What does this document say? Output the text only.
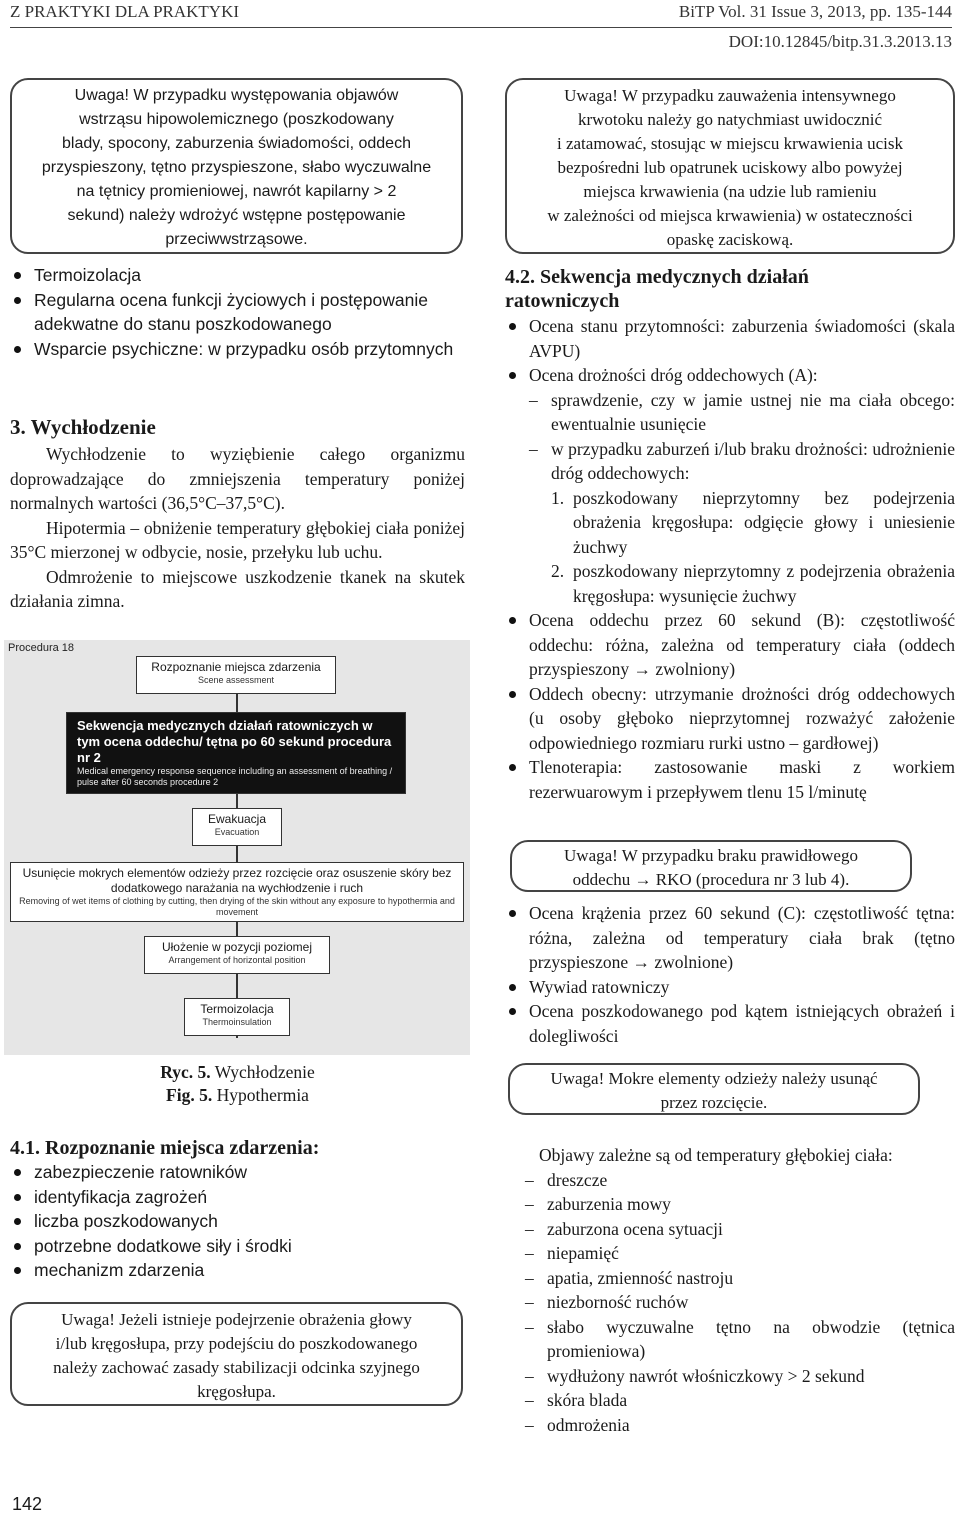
Z PRAKTYKI DLA PRAKTYKI	BiTP Vol. 31 Issue 3, 2013, pp. 135-144
DOI:10.12845/bitp.31.3.2013.13
Uwaga! W przypadku występowania objawów
wstrząsu hipowolemicznego (poszkodowany
blady, spocony, zaburzenia świadomości, oddech
przyspieszony, tętno przyspieszone, słabo wyczuwalne
na tętnicy promieniowej, nawrót kapilarny > 2
sekund) należy wdrożyć wstępne postępowanie
przeciwwstrząsowe.
Termoizolacja
Regularna ocena funkcji życiowych i postępowanie adekwatne do stanu poszkodowanego
Wsparcie psychiczne: w przypadku osób przytomnych
3. Wychłodzenie

Wychłodzenie to wyziębienie całego organizmu doprowadzające do zmniejszenia temperatury poniżej normalnych wartości (36,5°C–37,5°C).

Hipotermia – obniżenie temperatury głębokiej ciała poniżej 35°C mierzonej w odbycie, nosie, przełyku lub uchu.

Odmrożenie to miejscowe uszkodzenie tkanek na skutek działania zimna.

Procedura 18
Rozpoznanie miejsca zdarzenia
Scene assessment
Sekwencja medycznych działań ratowniczych w tym ocena oddechu/ tętna po 60 sekund procedura nr 2
Medical emergency response sequence including an assessment of breathing / pulse after 60 seconds procedure 2
Ewakuacja
Evacuation
Usunięcie mokrych elementów odzieży przez rozcięcie oraz osuszenie skóry bez dodatkowego narażania na wychłodzenie i ruch
Removing of wet items of clothing by cutting, then drying of the skin without any exposure to hypothermia and movement
Ułożenie w pozycji poziomej
Arrangement of horizontal position
Termoizolacja
Thermoinsulation
Ryc. 5. Wychłodzenie
Fig. 5. Hypothermia
4.1. Rozpoznanie miejsca zdarzenia:
zabezpieczenie ratowników
identyfikacja zagrożeń
liczba poszkodowanych
potrzebne dodatkowe siły i środki
mechanizm zdarzenia
Uwaga! Jeżeli istnieje podejrzenie obrażenia głowy
i/lub kręgosłupa, przy podejściu do poszkodowanego
należy zachować zasady stabilizacji odcinka szyjnego
kręgosłupa.
Uwaga! W przypadku zauważenia intensywnego
krwotoku należy go natychmiast uwidocznić
i zatamować, stosując w miejscu krwawienia ucisk
bezpośredni lub opatrunek uciskowy albo powyżej
miejsca krwawienia (na udzie lub ramieniu
w zależności od miejsca krwawienia) w ostateczności
opaskę zaciskową.
4.2. Sekwencja medycznych działań ratowniczych
Ocena stanu przytomności: zaburzenia świadomości (skala AVPU)
Ocena drożności dróg oddechowych (A):
– sprawdzenie, czy w jamie ustnej nie ma ciała obcego: ewentualnie usunięcie
– w przypadku zaburzeń i/lub braku drożności: udrożnienie dróg oddechowych:
1. poszkodowany nieprzytomny bez podejrzenia obrażenia kręgosłupa: odgięcie głowy i uniesienie żuchwy
2. poszkodowany nieprzytomny z podejrzenia obrażenia kręgosłupa: wysunięcie żuchwy
Ocena oddechu przez 60 sekund (B): częstotliwość oddechu: różna, zależna od temperatury ciała (oddech przyspieszony → zwolniony)
Oddech obecny: utrzymanie drożności dróg oddechowych (u osoby głęboko nieprzytomnej rozważyć założenie odpowiedniego rozmiaru rurki ustno – gardłowej)
Tlenoterapia: zastosowanie maski z workiem rezerwuarowym i przepływem tlenu 15 l/minutę
Uwaga! W przypadku braku prawidłowego
oddechu → RKO (procedura nr 3 lub 4).
Ocena krążenia przez 60 sekund (C): częstotliwość tętna: różna, zależna od temperatury ciała brak (tętno przyspieszone → zwolnione)
Wywiad ratowniczy
Ocena poszkodowanego pod kątem istniejących obrażeń i dolegliwości
Uwaga! Mokre elementy odzieży należy usunąć
przez rozcięcie.
Objawy zależne są od temperatury głębokiej ciała:
– dreszcze
– zaburzenia mowy
– zaburzona ocena sytuacji
– niepamięć
– apatia, zmienność nastroju
– niezborność ruchów
– słabo wyczuwalne tętno na obwodzie (tętnica promieniowa)
– wydłużony nawrót włośniczkowy > 2 sekund
– skóra blada
– odmrożenia
142
